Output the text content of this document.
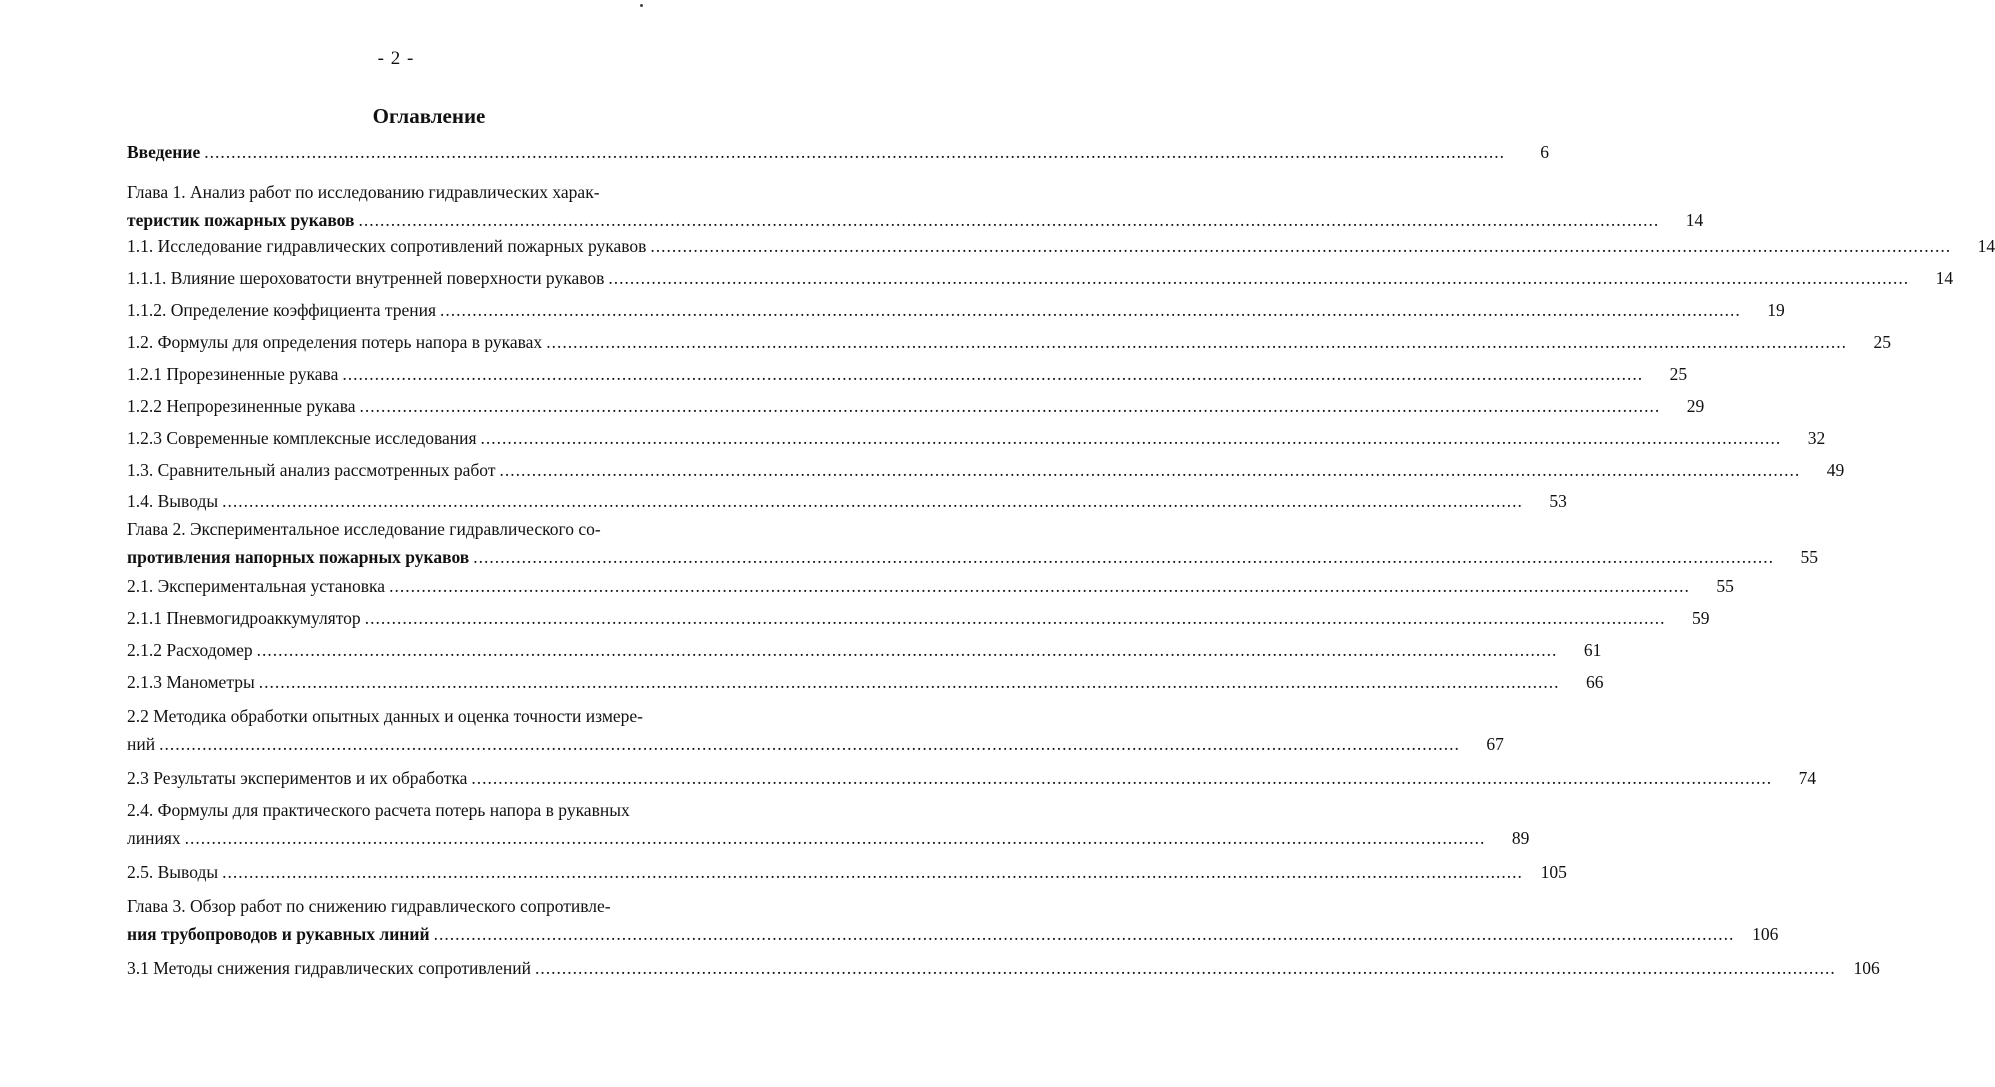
- 2 -
Оглавление
Введение .....	6
Глава 1. Анализ работ по исследованию гидравлических харак-
теристик пожарных рукавов .....	14
1.1. Исследование гидравлических сопротивлений пожарных рукавов .....	14
1.1.1. Влияние шероховатости внутренней поверхности рукавов .....	14
1.1.2. Определение коэффициента трения .....	19
1.2. Формулы для определения потерь напора в рукавах .....	25
1.2.1 Прорезиненные рукава .....	25
1.2.2 Непрорезиненные рукава .....	29
1.2.3 Современные комплексные исследования .....	32
1.3. Сравнительный анализ рассмотренных работ .....	49
1.4. Выводы .....	53
Глава 2. Экспериментальное исследование гидравлического со-
противления напорных пожарных рукавов .....	55
2.1. Экспериментальная установка .....	55
2.1.1 Пневмогидроаккумулятор .....	59
2.1.2 Расходомер .....	61
2.1.3 Манометры .....	66
2.2 Методика обработки опытных данных и оценка точности измере-
ний .....	67
2.3 Результаты экспериментов и их обработка .....	74
2.4. Формулы для практического расчета потерь напора в рукавных
линиях .....	89
2.5. Выводы .....	105
Глава 3. Обзор работ по снижению гидравлического сопротивле-
ния трубопроводов и рукавных линий .....	106
3.1 Методы снижения гидравлических сопротивлений .....	106
